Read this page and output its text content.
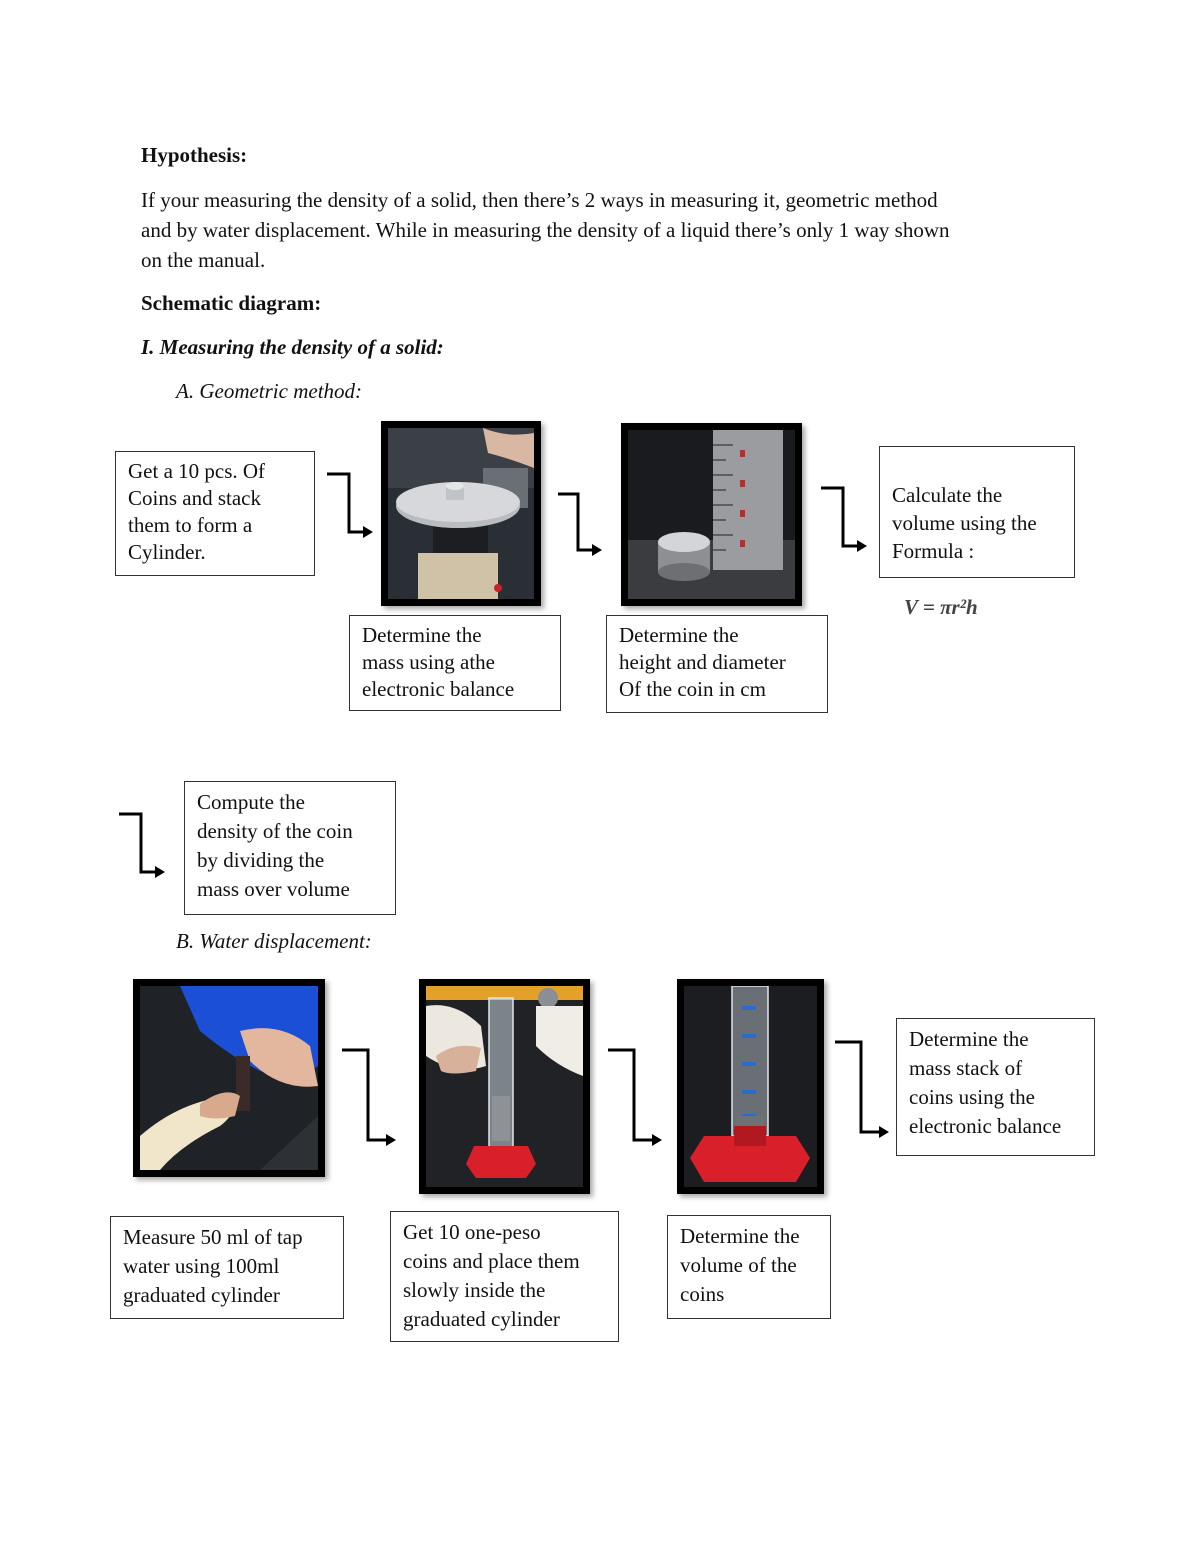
Hypothesis:
If your measuring the density of a solid, then there’s 2 ways in measuring it, geometric method
and by water displacement. While in measuring the density of a liquid there’s only 1 way shown
on the manual.
Schematic diagram:
I. Measuring the density of a solid:
A. Geometric method:
Get a 10 pcs. Of
Coins and stack
them to form a
Cylinder.

Calculate the
volume using the
Formula :

V = πr²h

Determine the
mass using athe
electronic balance
Determine the
height and diameter
Of the coin in cm
Compute the
density of the coin
by dividing the
mass over volume
B. Water displacement:
Determine the
mass stack of
coins using the
electronic balance
Measure 50 ml of tap
water using 100ml
graduated cylinder
Get 10 one-peso
coins and place them
slowly inside the
graduated cylinder
Determine the
volume of the
coins
